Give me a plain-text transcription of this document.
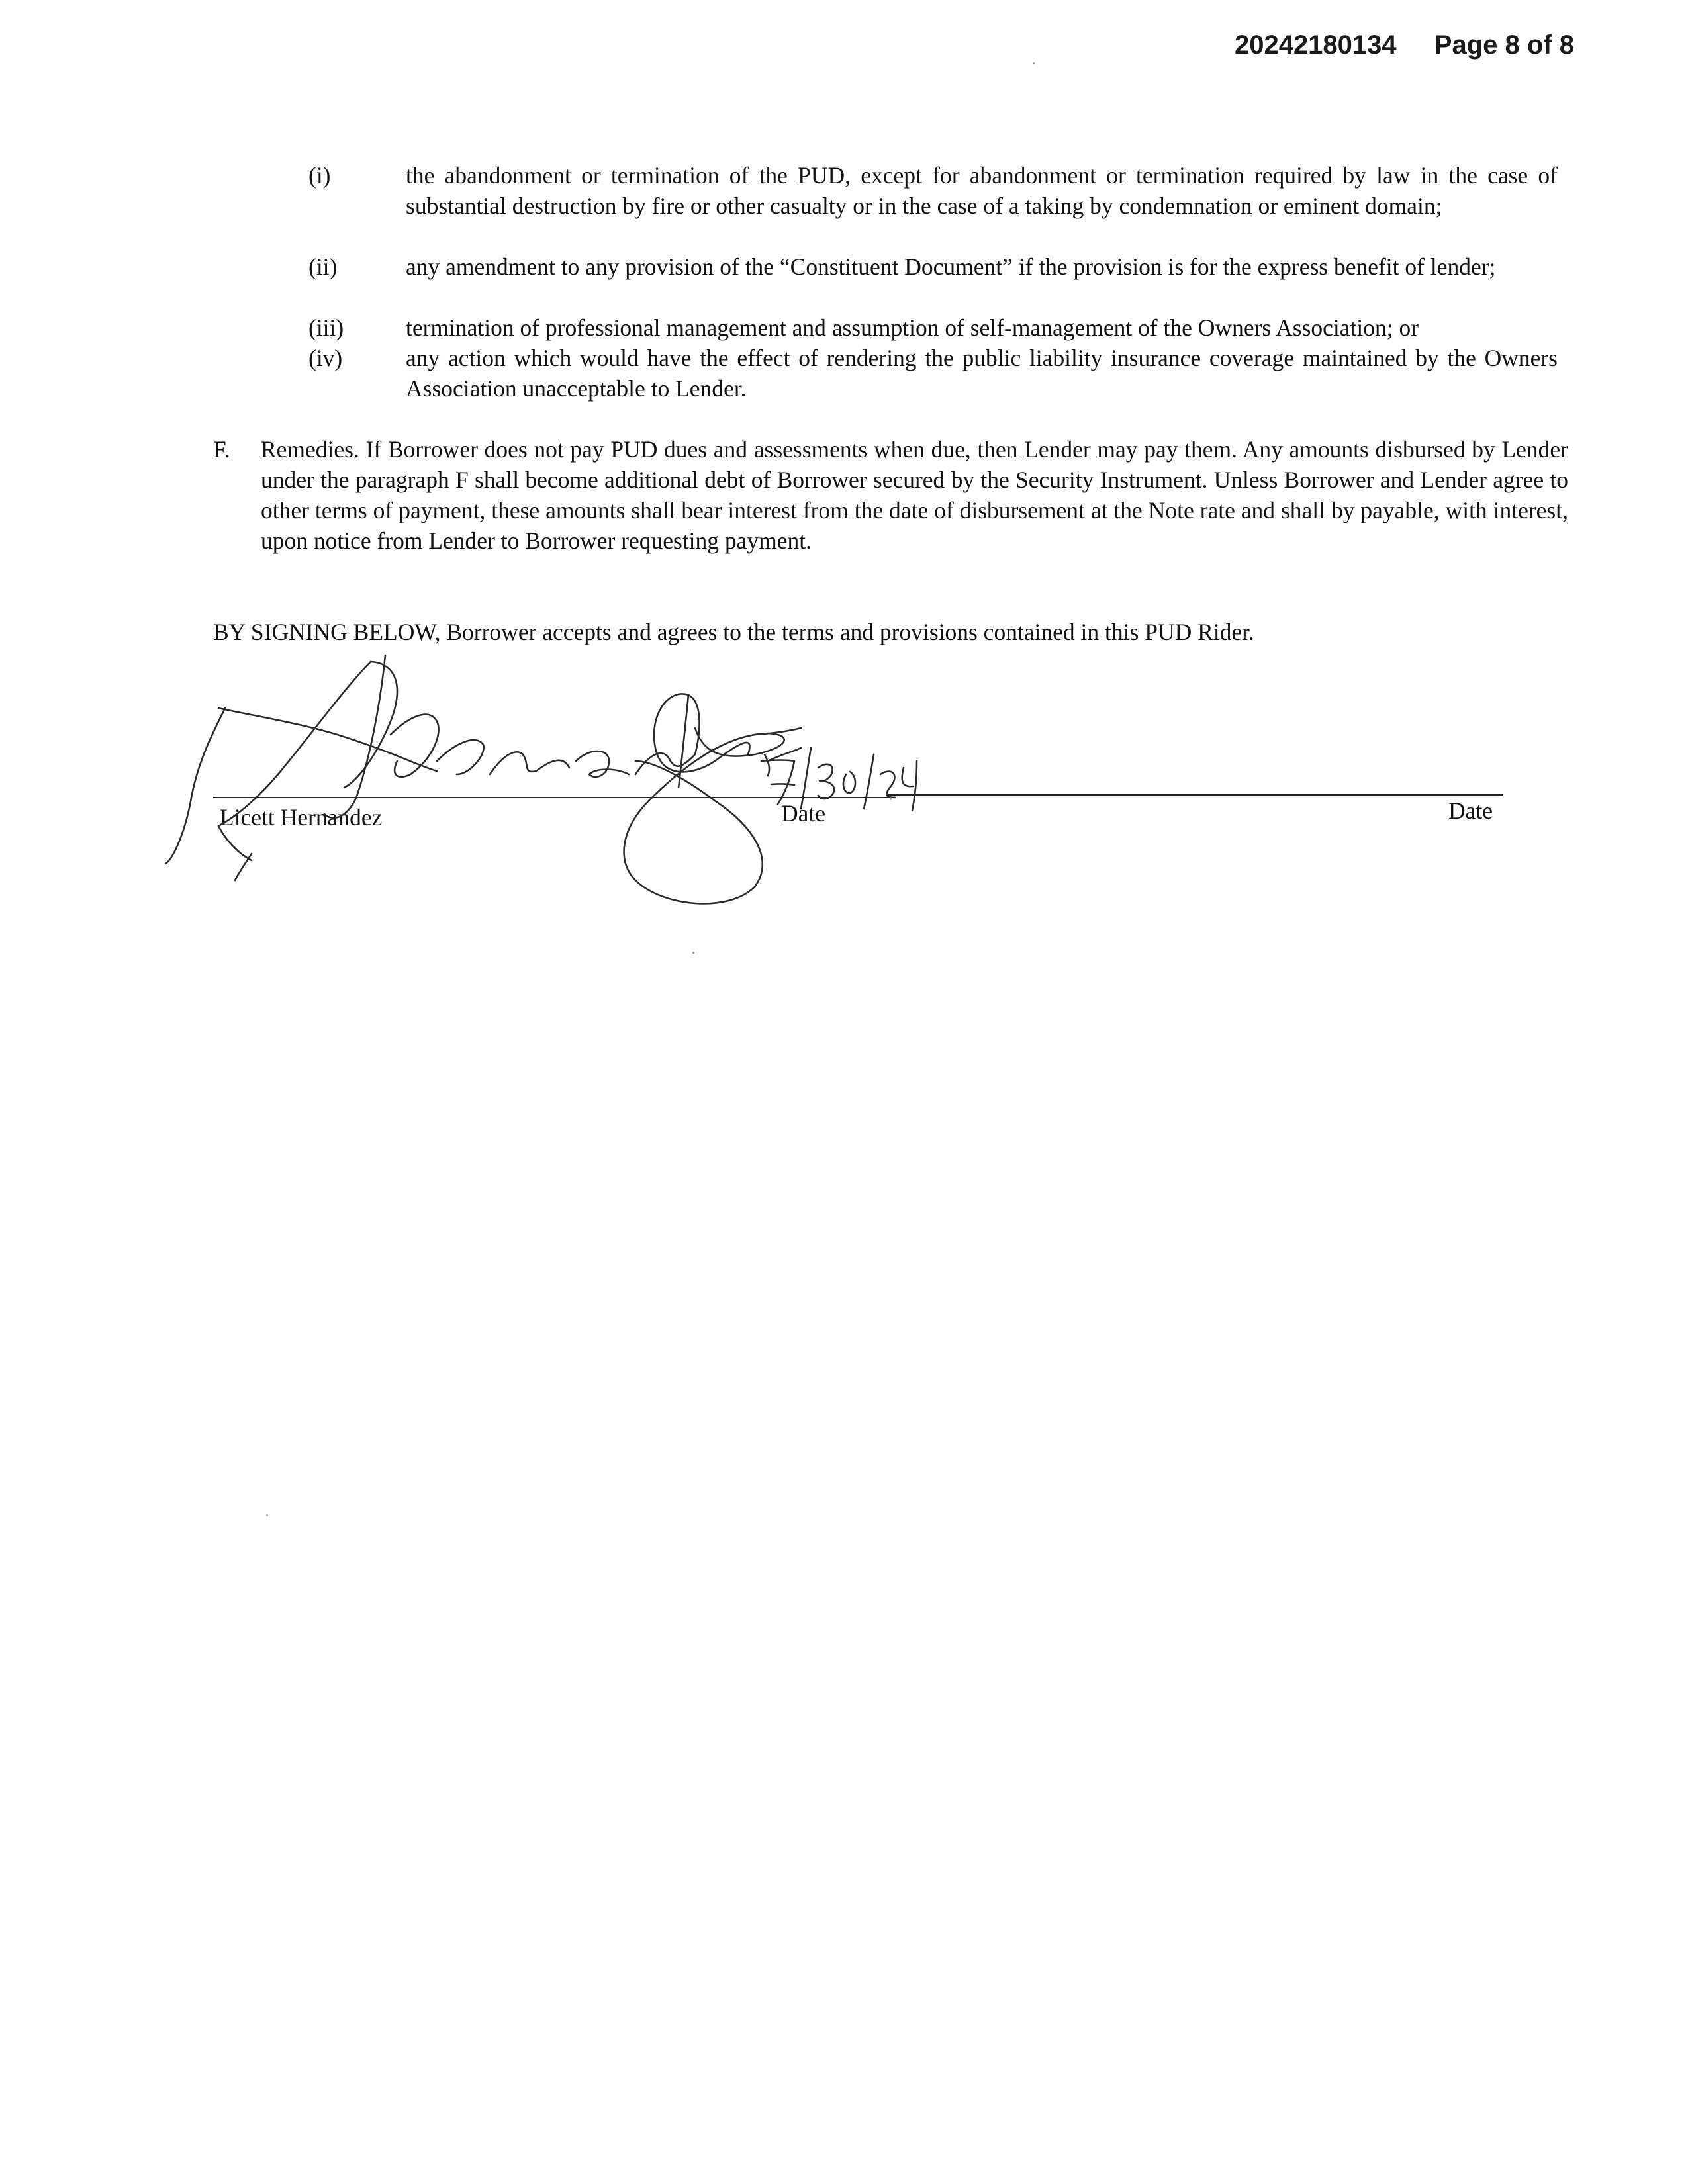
20242180134 Page 8 of 8
(i)	the abandonment or termination of the PUD, except for abandonment or termination required by law in the case of substantial destruction by fire or other casualty or in the case of a taking by condemnation or eminent domain;
(ii)	any amendment to any provision of the “Constituent Document” if the provision is for the express benefit of lender;
(iii)	termination of professional management and assumption of self-management of the Owners Association; or
(iv)	any action which would have the effect of rendering the public liability insurance coverage maintained by the Owners Association unacceptable to Lender.
F. Remedies. If Borrower does not pay PUD dues and assessments when due, then Lender may pay them. Any amounts disbursed by Lender under the paragraph F shall become additional debt of Borrower secured by the Security Instrument. Unless Borrower and Lender agree to other terms of payment, these amounts shall bear interest from the date of disbursement at the Note rate and shall by payable, with interest, upon notice from Lender to Borrower requesting payment.
BY SIGNING BELOW, Borrower accepts and agrees to the terms and provisions contained in this PUD Rider.
Licett Hernandez	Date	Date
